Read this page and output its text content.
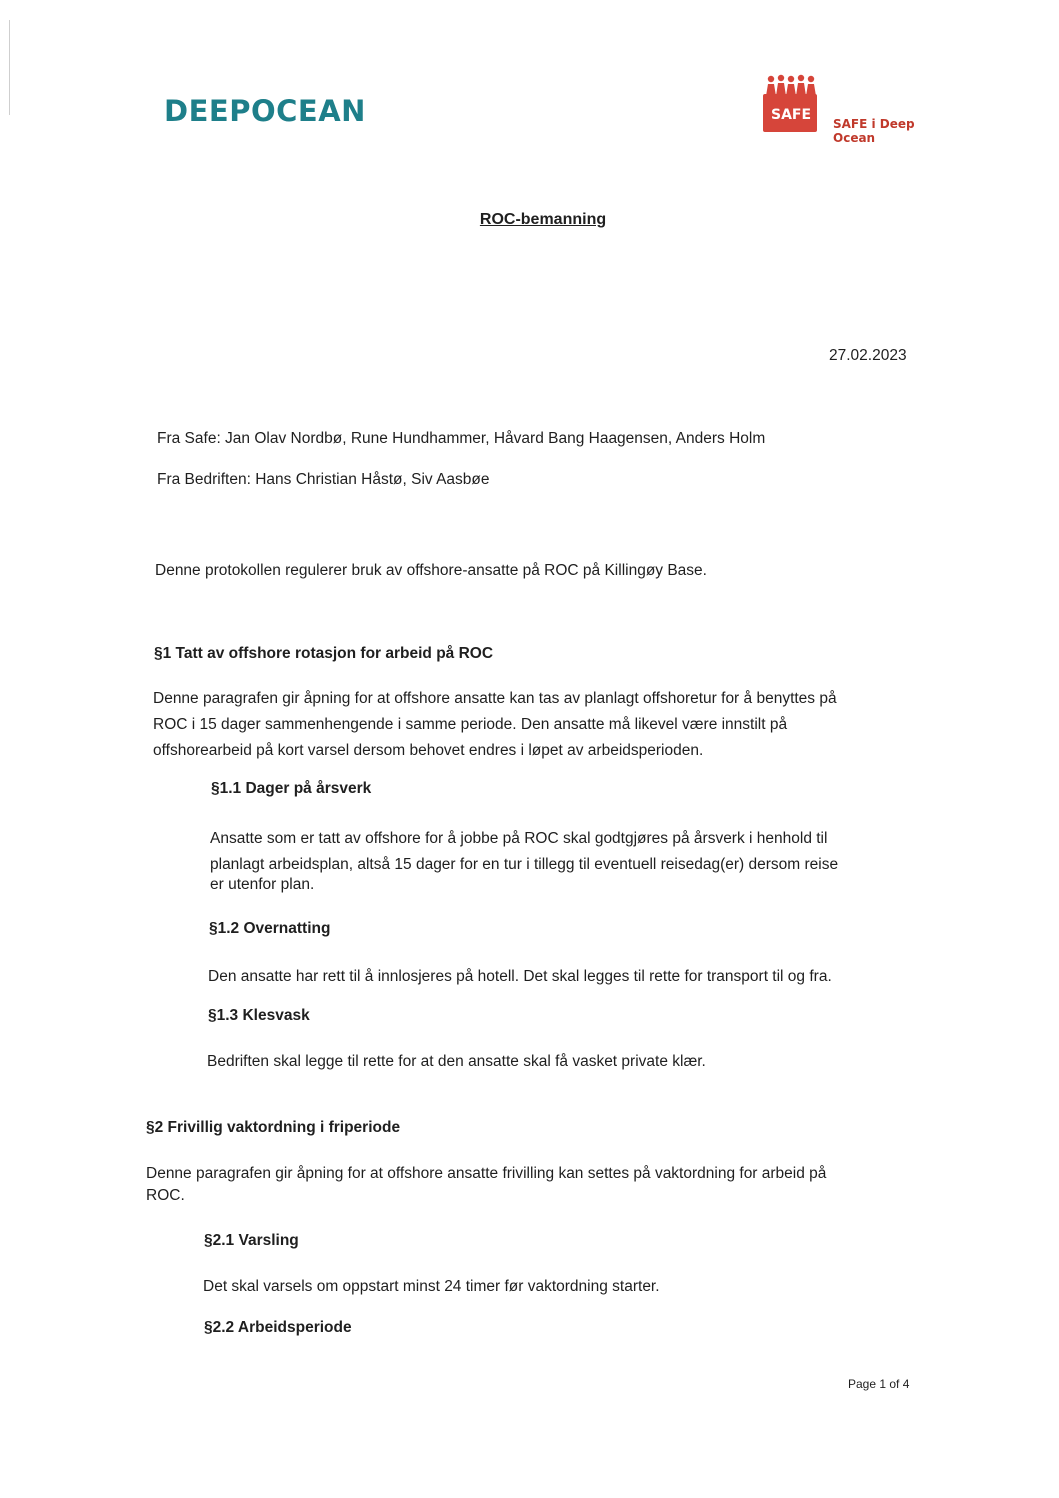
DEEPOCEAN	SAFE
SAFE i Deep Ocean
ROC-bemanning
27.02.2023
Fra Safe: Jan Olav Nordbø, Rune Hundhammer, Håvard Bang Haagensen, Anders Holm
Fra Bedriften: Hans Christian Håstø, Siv Aasbøe
Denne protokollen regulerer bruk av offshore-ansatte på ROC på Killingøy Base.
§1 Tatt av offshore rotasjon for arbeid på ROC
Denne paragrafen gir åpning for at offshore ansatte kan tas av planlagt offshoretur for å benyttes på
ROC i 15 dager sammenhengende i samme periode. Den ansatte må likevel være innstilt på
offshorearbeid på kort varsel dersom behovet endres i løpet av arbeidsperioden.
§1.1 Dager på årsverk
Ansatte som er tatt av offshore for å jobbe på ROC skal godtgjøres på årsverk i henhold til
planlagt arbeidsplan, altså 15 dager for en tur i tillegg til eventuell reisedag(er) dersom reise
er utenfor plan.
§1.2 Overnatting
Den ansatte har rett til å innlosjeres på hotell. Det skal legges til rette for transport til og fra.
§1.3 Klesvask
Bedriften skal legge til rette for at den ansatte skal få vasket private klær.
§2 Frivillig vaktordning i friperiode
Denne paragrafen gir åpning for at offshore ansatte frivilling kan settes på vaktordning for arbeid på
ROC.
§2.1 Varsling
Det skal varsels om oppstart minst 24 timer før vaktordning starter.
§2.2 Arbeidsperiode
Page 1 of 4
